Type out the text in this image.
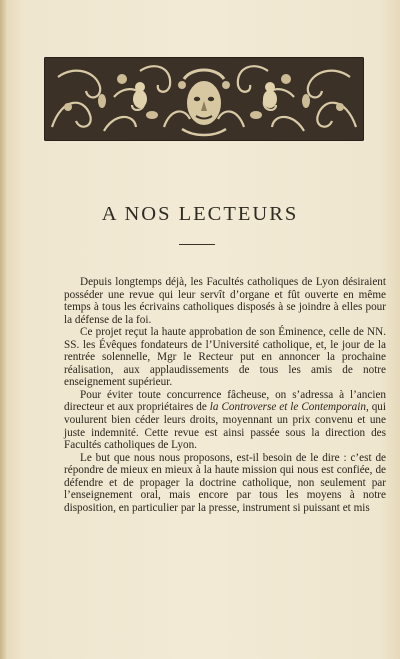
A NOS LECTEURS

Depuis longtemps déjà, les Facultés catholiques de Lyon désiraient posséder une revue qui leur servît d’organe et fût ouverte en même temps à tous les écrivains catholiques disposés à se joindre à elles pour la défense de la foi.

Ce projet reçut la haute approbation de son Éminence, celle de NN. SS. les Évêques fondateurs de l’Université catholique, et, le jour de la rentrée solennelle, Mgr le Recteur put en annoncer la prochaine réalisation, aux applaudissements de tous les amis de notre enseignement supérieur.

Pour éviter toute concurrence fâcheuse, on s’adressa à l’ancien directeur et aux propriétaires de la Controverse et le Contemporain, qui voulurent bien céder leurs droits, moyennant un prix convenu et une juste indemnité. Cette revue est ainsi passée sous la direction des Facultés catholiques de Lyon.

Le but que nous nous proposons, est-il besoin de le dire : c’est de répondre de mieux en mieux à la haute mission qui nous est confiée, de défendre et de propager la doctrine catholique, non seulement par l’enseignement oral, mais encore par tous les moyens à notre disposition, en particulier par la presse, instrument si puissant et mis
